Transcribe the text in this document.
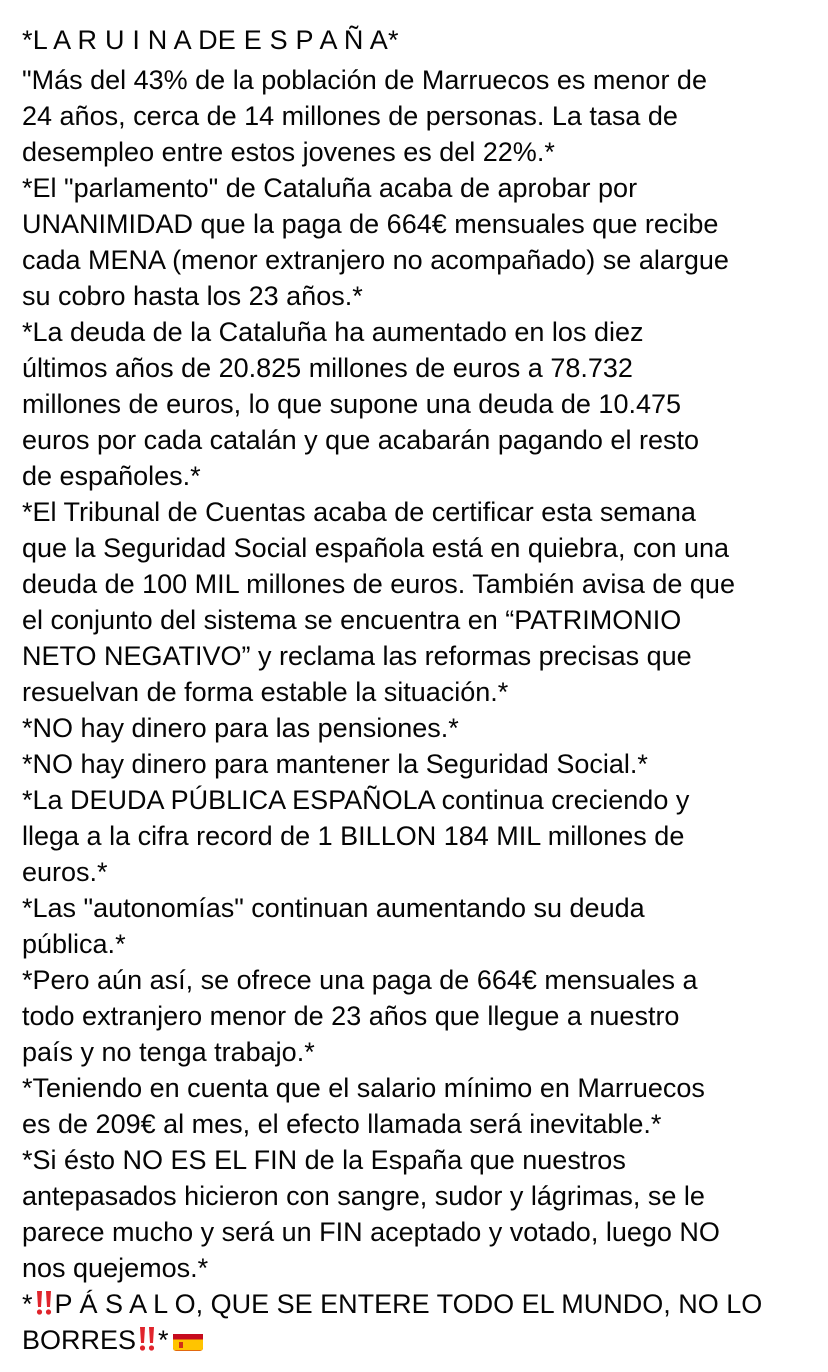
*L A R U I N A DE E S P A Ñ A*
"Más del 43% de la población de Marruecos es menor de
24 años, cerca de 14 millones de personas. La tasa de
desempleo entre estos jovenes es del 22%.*
*El "parlamento" de Cataluña acaba de aprobar por
UNANIMIDAD que la paga de 664€ mensuales que recibe
cada MENA (menor extranjero no acompañado) se alargue
su cobro hasta los 23 años.*
*La deuda de la Cataluña ha aumentado en los diez
últimos años de 20.825 millones de euros a 78.732
millones de euros, lo que supone una deuda de 10.475
euros por cada catalán y que acabarán pagando el resto
de españoles.*
*El Tribunal de Cuentas acaba de certificar esta semana
que la Seguridad Social española está en quiebra, con una
deuda de 100 MIL millones de euros. También avisa de que
el conjunto del sistema se encuentra en “PATRIMONIO
NETO NEGATIVO” y reclama las reformas precisas que
resuelvan de forma estable la situación.*
*NO hay dinero para las pensiones.*
*NO hay dinero para mantener la Seguridad Social.*
*La DEUDA PÚBLICA ESPAÑOLA continua creciendo y
llega a la cifra record de 1 BILLON 184 MIL millones de
euros.*
*Las "autonomías" continuan aumentando su deuda
pública.*
*Pero aún así, se ofrece una paga de 664€ mensuales a
todo extranjero menor de 23 años que llegue a nuestro
país y no tenga trabajo.*
*Teniendo en cuenta que el salario mínimo en Marruecos
es de 209€ al mes, el efecto llamada será inevitable.*
*Si ésto NO ES EL FIN de la España que nuestros
antepasados hicieron con sangre, sudor y lágrimas, se le
parece mucho y será un FIN aceptado y votado, luego NO
nos quejemos.*
* P Á S A L O, QUE SE ENTERE TODO EL MUNDO, NO LO
BORRES *
